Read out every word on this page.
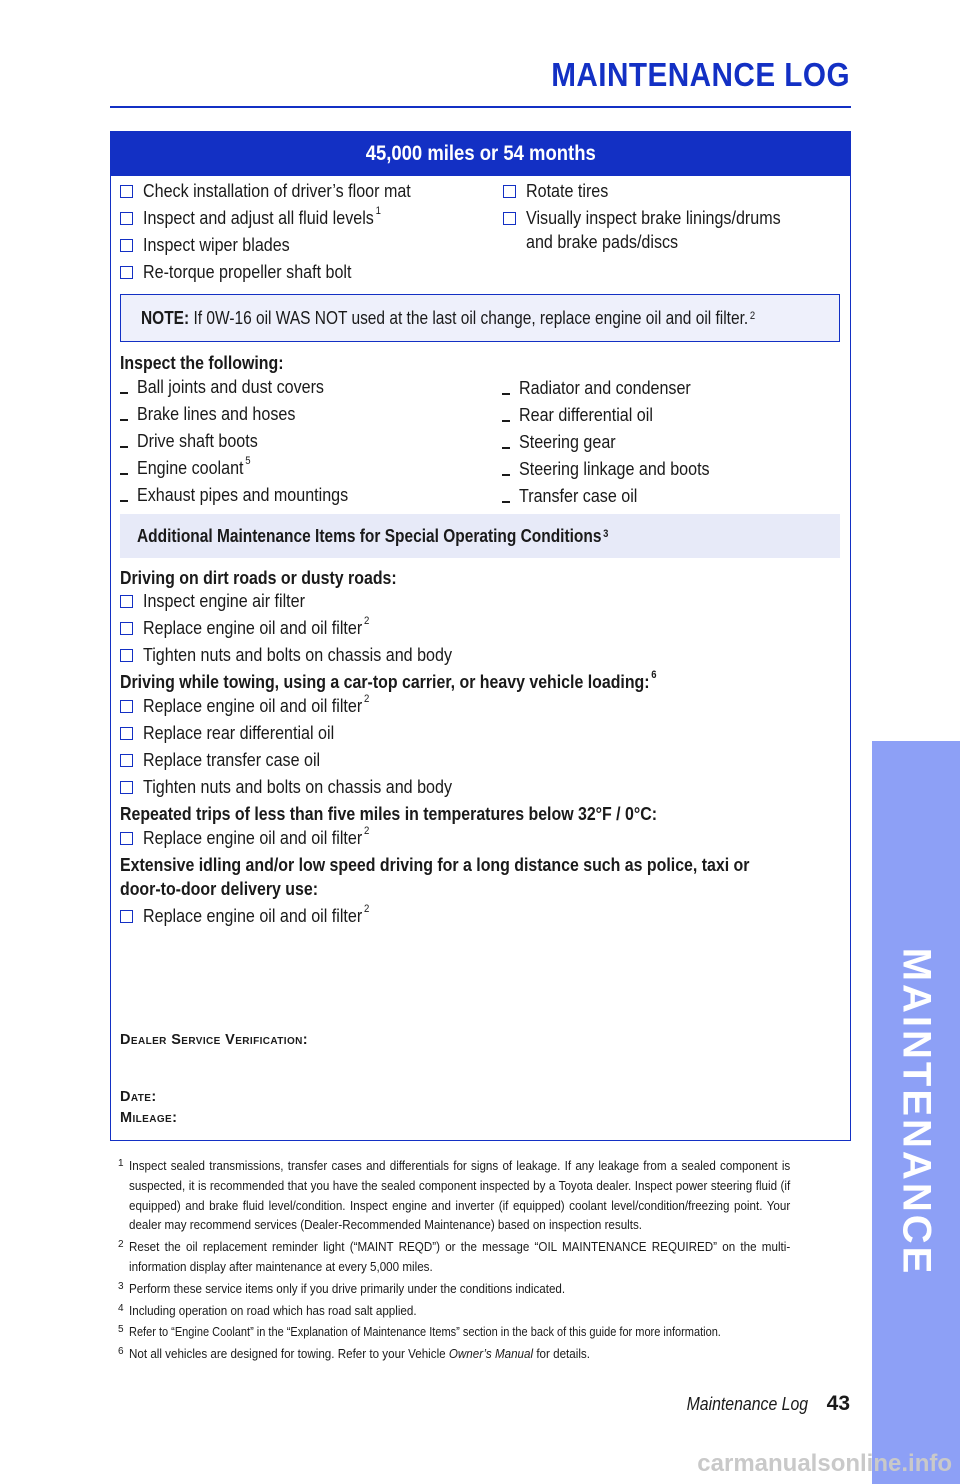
MAINTENANCE LOG
45,000 miles or 54 months
Check installation of driver’s floor mat
Inspect and adjust all fluid levels $^1$
Inspect wiper blades
Re-torque propeller shaft bolt
Rotate tires
Visually inspect brake linings/drums
and brake pads/discs
NOTE: If 0W-16 oil WAS NOT used at the last oil change, replace engine oil and oil filter. $^2$
Inspect the following:
Ball joints and dust covers
Brake lines and hoses
Drive shaft boots
Engine coolant $^5$
Exhaust pipes and mountings
Radiator and condenser
Rear differential oil
Steering gear
Steering linkage and boots
Transfer case oil
Additional Maintenance Items for Special Operating Conditions $^3$
Driving on dirt roads or dusty roads:
Inspect engine air filter
Replace engine oil and oil filter $^2$
Tighten nuts and bolts on chassis and body
Driving while towing, using a car-top carrier, or heavy vehicle loading: $^6$
Replace engine oil and oil filter $^2$
Replace rear differential oil
Replace transfer case oil
Tighten nuts and bolts on chassis and body
Repeated trips of less than five miles in temperatures below 32°F / 0°C:
Replace engine oil and oil filter $^2$
Extensive idling and/or low speed driving for a long distance such as police, taxi or
door-to-door delivery use:
Replace engine oil and oil filter $^2$
Dealer Service Verification:
Date:
Mileage:
1 Inspect sealed transmissions, transfer cases and differentials for signs of leakage. If any leakage from a sealed component is suspected, it is recommended that you have the sealed component inspected by a Toyota dealer. Inspect power steering fluid (if equipped) and brake fluid level/condition. Inspect engine and inverter (if equipped) coolant level/condition/freezing point. Your dealer may recommend services (Dealer-Recommended Maintenance) based on inspection results.
2 Reset the oil replacement reminder light (“MAINT REQD”) or the message “OIL MAINTENANCE REQUIRED” on the multi-information display after maintenance at every 5,000 miles.
3 Perform these service items only if you drive primarily under the conditions indicated.
4 Including operation on road which has road salt applied.
5 Refer to “Engine Coolant” in the “Explanation of Maintenance Items” section in the back of this guide for more information.
6 Not all vehicles are designed for towing. Refer to your Vehicle Owner’s Manual for details.
Maintenance Log 43
MAINTENANCE
carmanualsonline.info
